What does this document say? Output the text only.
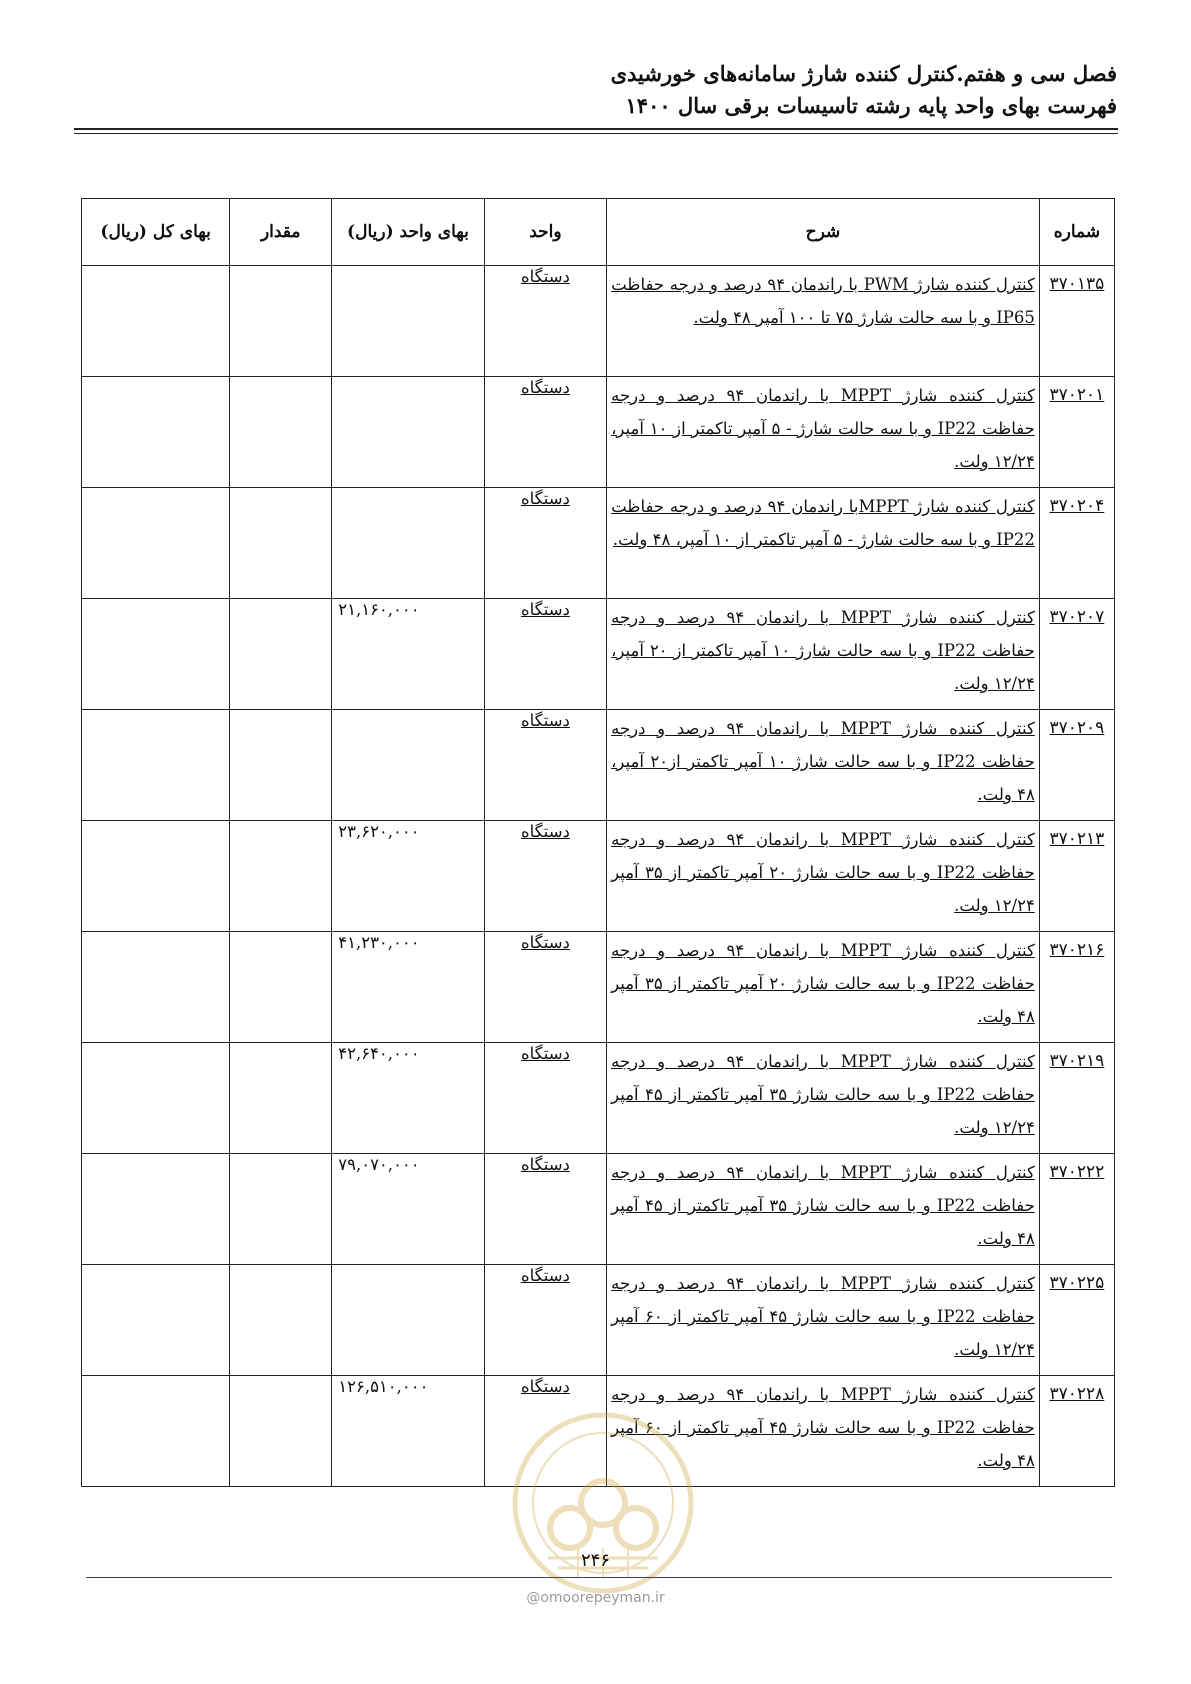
فصل سی و هفتم.کنترل کننده شارژ سامانه‌های خورشیدی
فهرست بهای واحد پایه رشته تاسیسات برقی سال ۱۴۰۰
شماره	شرح	واحد	بهای واحد (ریال)	مقدار	بهای کل (ریال)
۳۷۰۱۳۵	کنترل کننده شارژ PWM با راندمان ۹۴ درصد و درجه حفاظت IP65 و با سه حالت شارژ ۷۵ تا ۱۰۰ آمپر ۴۸ ولت.	دستگاه			
۳۷۰۲۰۱	کنترل کننده شارژ MPPT با راندمان ۹۴ درصد و درجه حفاظت IP22 و با سه حالت شارژ - ۵ آمپر تاکمتر از ۱۰ آمپر، ۱۲/۲۴ ولت.	دستگاه			
۳۷۰۲۰۴	کنترل کننده شارژ MPPTبا راندمان ۹۴ درصد و درجه حفاظت IP22 و با سه حالت شارژ - ۵ آمپر تاکمتر از ۱۰ آمپر، ۴۸ ولت.	دستگاه			
۳۷۰۲۰۷	کنترل کننده شارژ MPPT با راندمان ۹۴ درصد و درجه حفاظت IP22 و با سه حالت شارژ ۱۰ آمپر تاکمتر از ۲۰ آمپر، ۱۲/۲۴ ولت.	دستگاه	۲۱,۱۶۰,۰۰۰		
۳۷۰۲۰۹	کنترل کننده شارژ MPPT با راندمان ۹۴ درصد و درجه حفاظت IP22 و با سه حالت شارژ ۱۰ آمپر تاکمتر از۲۰ آمپر، ۴۸ ولت.	دستگاه			
۳۷۰۲۱۳	کنترل کننده شارژ MPPT با راندمان ۹۴ درصد و درجه حفاظت IP22 و با سه حالت شارژ ۲۰ آمپر تاکمتر از ۳۵ آمپر ۱۲/۲۴ ولت.	دستگاه	۲۳,۶۲۰,۰۰۰		
۳۷۰۲۱۶	کنترل کننده شارژ MPPT با راندمان ۹۴ درصد و درجه حفاظت IP22 و با سه حالت شارژ ۲۰ آمپر تاکمتر از ۳۵ آمپر ۴۸ ولت.	دستگاه	۴۱,۲۳۰,۰۰۰		
۳۷۰۲۱۹	کنترل کننده شارژ MPPT با راندمان ۹۴ درصد و درجه حفاظت IP22 و با سه حالت شارژ ۳۵ آمپر تاکمتر از ۴۵ آمپر ۱۲/۲۴ ولت.	دستگاه	۴۲,۶۴۰,۰۰۰		
۳۷۰۲۲۲	کنترل کننده شارژ MPPT با راندمان ۹۴ درصد و درجه حفاظت IP22 و با سه حالت شارژ ۳۵ آمپر تاکمتر از ۴۵ آمپر ۴۸ ولت.	دستگاه	۷۹,۰۷۰,۰۰۰		
۳۷۰۲۲۵	کنترل کننده شارژ MPPT با راندمان ۹۴ درصد و درجه حفاظت IP22 و با سه حالت شارژ ۴۵ آمپر تاکمتر از ۶۰ آمپر ۱۲/۲۴ ولت.	دستگاه			
۳۷۰۲۲۸	کنترل کننده شارژ MPPT با راندمان ۹۴ درصد و درجه حفاظت IP22 و با سه حالت شارژ ۴۵ آمپر تاکمتر از ۶۰ آمپر ۴۸ ولت.	دستگاه	۱۲۶,۵۱۰,۰۰۰		
۲۴۶
@omoorepeyman.ir
